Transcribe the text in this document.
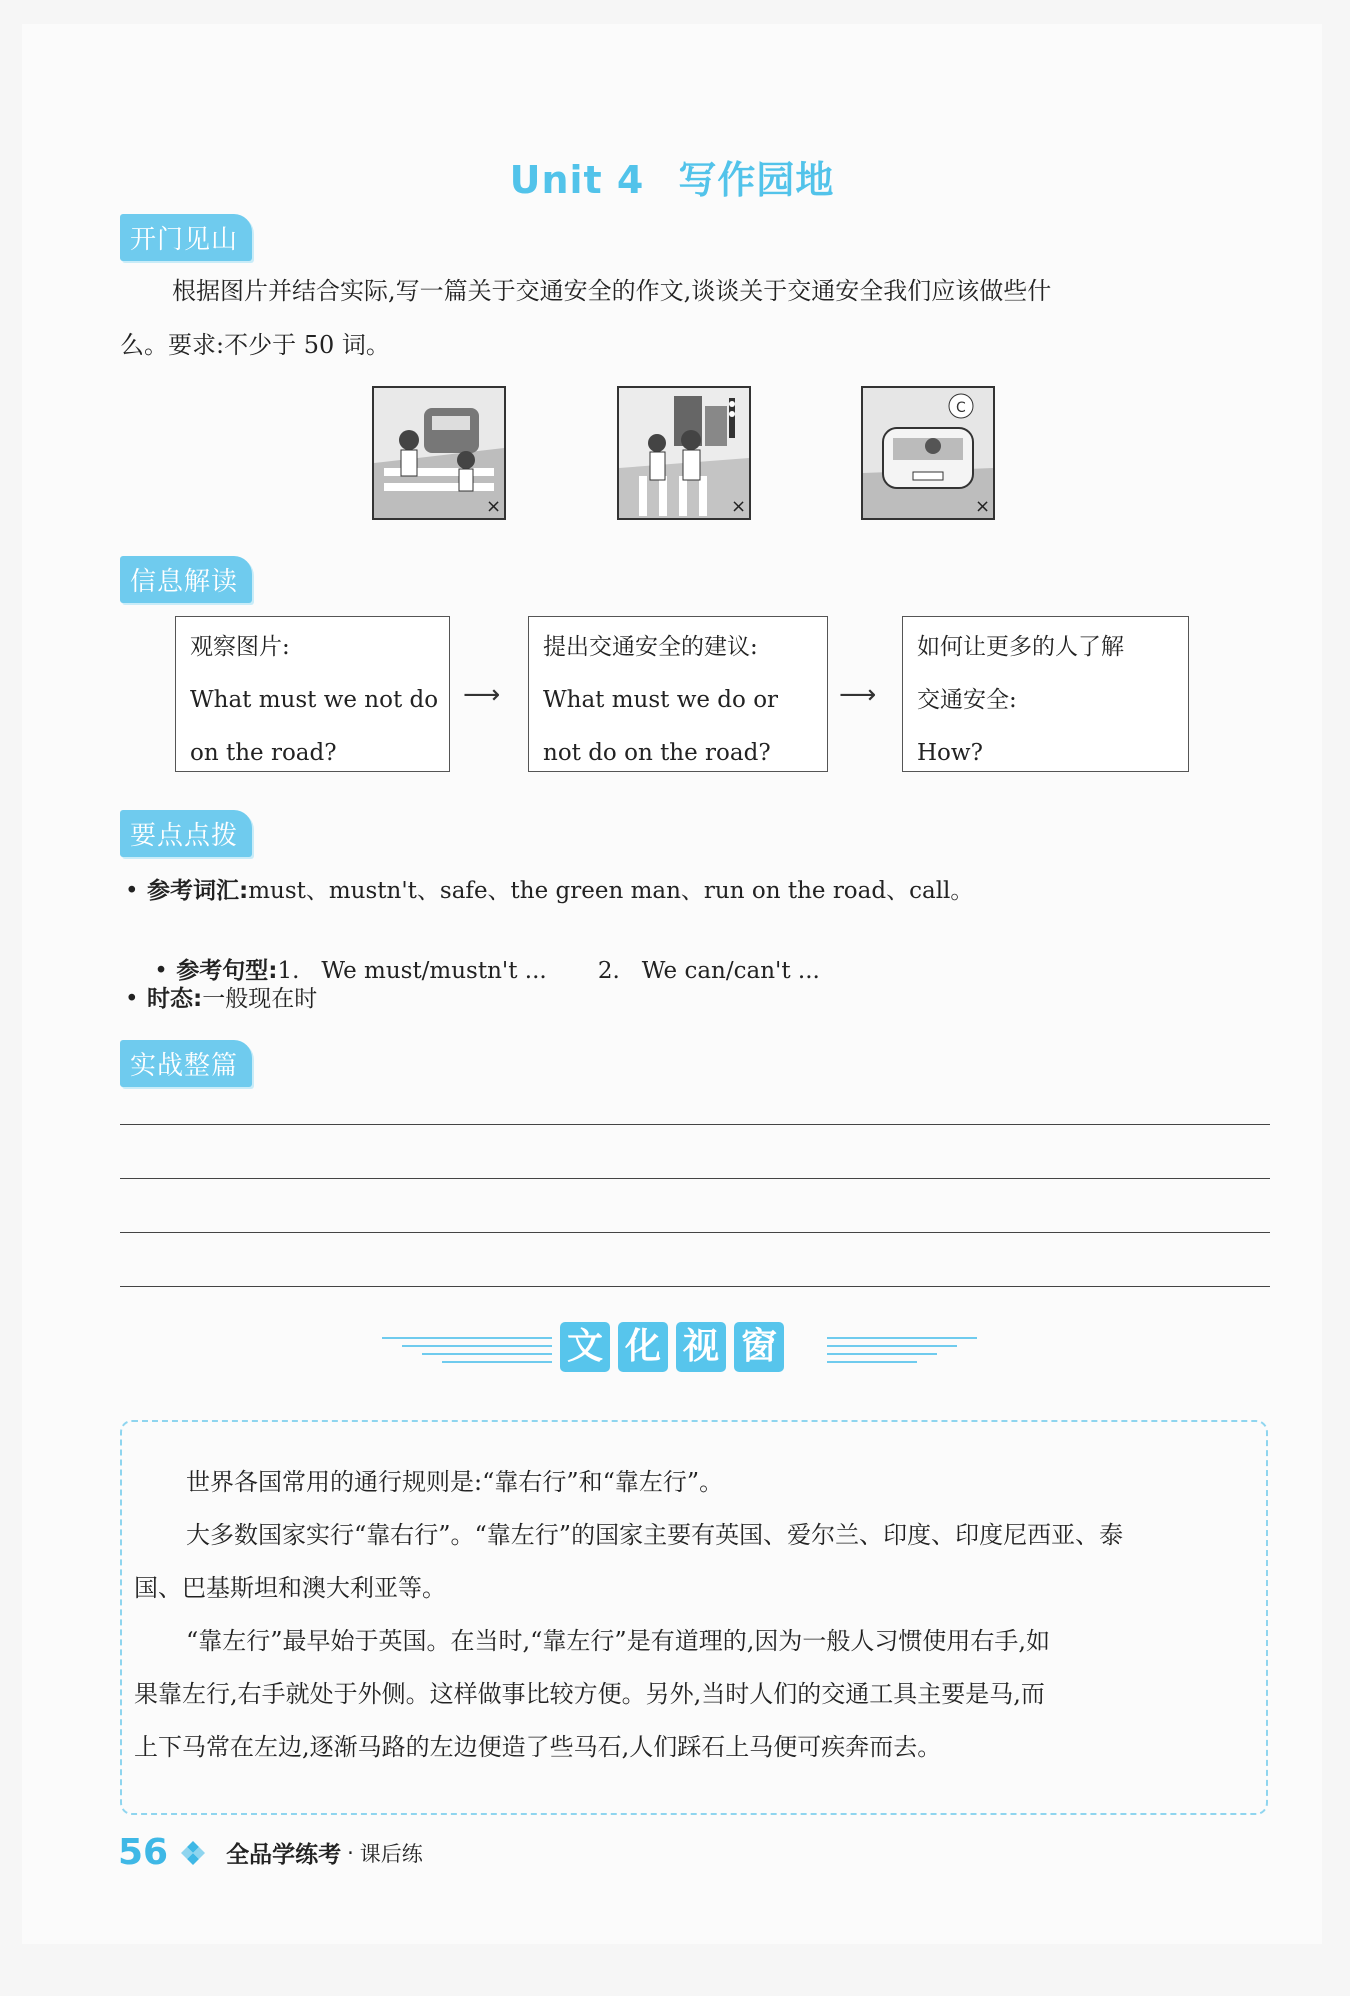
Unit 4 写作园地
开门见山
根据图片并结合实际,写一篇关于交通安全的作文,谈谈关于交通安全我们应该做些什
么。要求:不少于 50 词。
×	×
C
×
信息解读
观察图片:
What must we not do
on the road?
⟶
提出交通安全的建议:
What must we do or
not do on the road?
⟶
如何让更多的人了解
交通安全:
How?
要点点拨
• 参考词汇:must、mustn't、safe、the green man、run on the road、call。

• 参考句型:1.   We must/mustn't ...       2.   We can/can't ...

• 时态:一般现在时
实战整篇
文 化 视 窗

世界各国常用的通行规则是:“靠右行”和“靠左行”。

大多数国家实行“靠右行”。“靠左行”的国家主要有英国、爱尔兰、印度、印度尼西亚、泰

国、巴基斯坦和澳大利亚等。

“靠左行”最早始于英国。在当时,“靠左行”是有道理的,因为一般人习惯使用右手,如

果靠左行,右手就处于外侧。这样做事比较方便。另外,当时人们的交通工具主要是马,而

上下马常在左边,逐渐马路的左边便造了些马石,人们踩石上马便可疾奔而去。

56	全品学练考 · 课后练
